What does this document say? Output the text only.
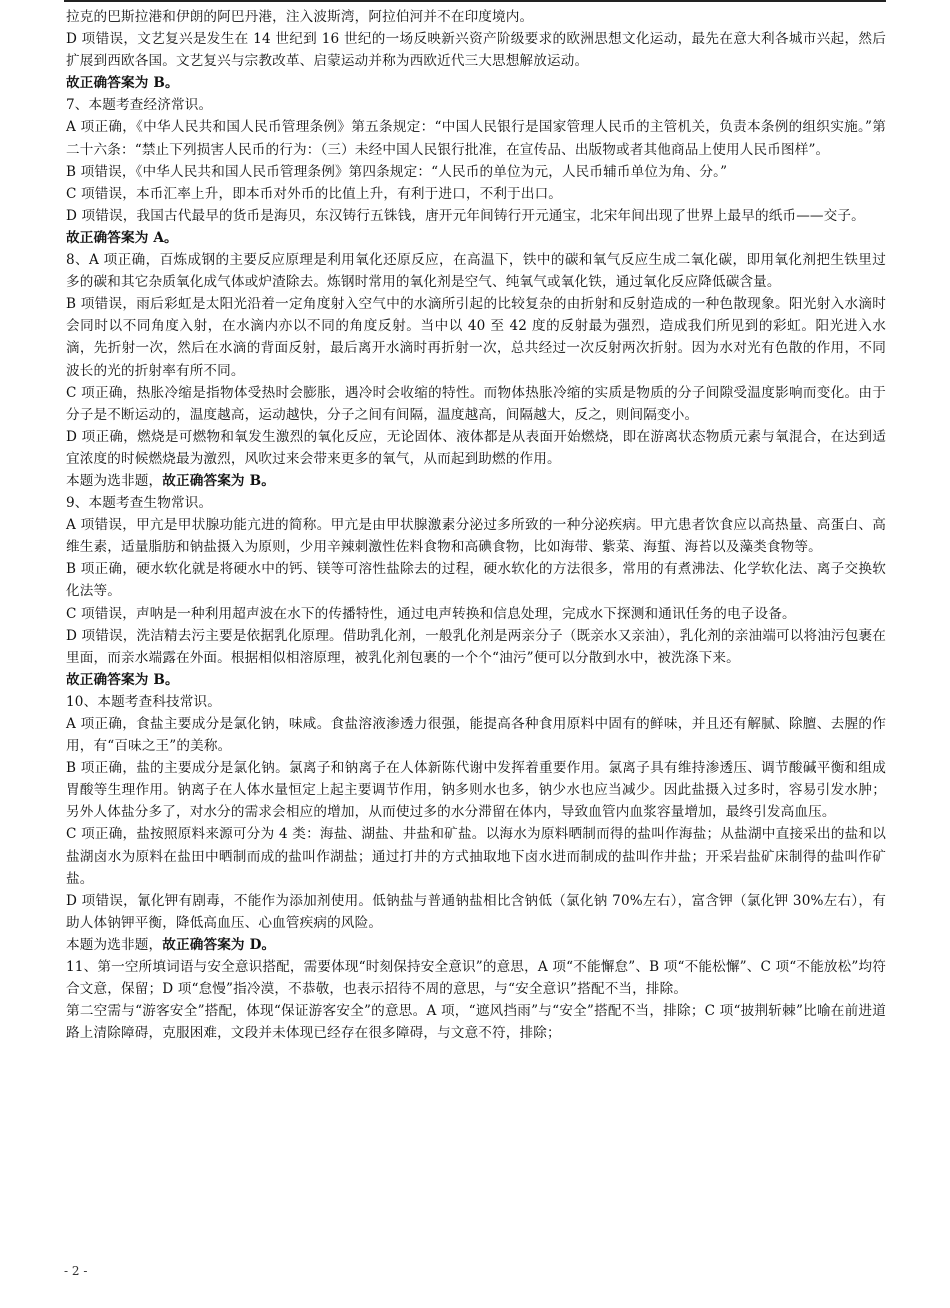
拉克的巴斯拉港和伊朗的阿巴丹港，注入波斯湾，阿拉伯河并不在印度境内。
D 项错误，文艺复兴是发生在 14 世纪到 16 世纪的一场反映新兴资产阶级要求的欧洲思想文化运动，最先在意大利各城市兴起，然后扩展到西欧各国。文艺复兴与宗教改革、启蒙运动并称为西欧近代三大思想解放运动。
故正确答案为 B。
7、本题考查经济常识。
A 项正确，《中华人民共和国人民币管理条例》第五条规定：“中国人民银行是国家管理人民币的主管机关，负责本条例的组织实施。”第二十六条：“禁止下列损害人民币的行为：（三）未经中国人民银行批准，在宣传品、出版物或者其他商品上使用人民币图样”。
B 项错误，《中华人民共和国人民币管理条例》第四条规定：“人民币的单位为元，人民币辅币单位为角、分。”
C 项错误，本币汇率上升，即本币对外币的比值上升，有利于进口，不利于出口。
D 项错误，我国古代最早的货币是海贝，东汉铸行五铢钱，唐开元年间铸行开元通宝，北宋年间出现了世界上最早的纸币——交子。
故正确答案为 A。
8、A 项正确，百炼成钢的主要反应原理是利用氧化还原反应，在高温下，铁中的碳和氧气反应生成二氧化碳，即用氧化剂把生铁里过多的碳和其它杂质氧化成气体或炉渣除去。炼钢时常用的氧化剂是空气、纯氧气或氧化铁，通过氧化反应降低碳含量。
B 项错误，雨后彩虹是太阳光沿着一定角度射入空气中的水滴所引起的比较复杂的由折射和反射造成的一种色散现象。阳光射入水滴时会同时以不同角度入射，在水滴内亦以不同的角度反射。当中以 40 至 42 度的反射最为强烈，造成我们所见到的彩虹。阳光进入水滴，先折射一次，然后在水滴的背面反射，最后离开水滴时再折射一次，总共经过一次反射两次折射。因为水对光有色散的作用，不同波长的光的折射率有所不同。
C 项正确，热胀冷缩是指物体受热时会膨胀，遇冷时会收缩的特性。而物体热胀冷缩的实质是物质的分子间隙受温度影响而变化。由于分子是不断运动的，温度越高，运动越快，分子之间有间隔，温度越高，间隔越大，反之，则间隔变小。
D 项正确，燃烧是可燃物和氧发生激烈的氧化反应，无论固体、液体都是从表面开始燃烧，即在游离状态物质元素与氧混合，在达到适宜浓度的时候燃烧最为激烈，风吹过来会带来更多的氧气，从而起到助燃的作用。
本题为选非题，故正确答案为 B。
9、本题考查生物常识。
A 项错误，甲亢是甲状腺功能亢进的简称。甲亢是由甲状腺激素分泌过多所致的一种分泌疾病。甲亢患者饮食应以高热量、高蛋白、高维生素，适量脂肪和钠盐摄入为原则，少用辛辣刺激性佐料食物和高碘食物，比如海带、紫菜、海蜇、海苔以及藻类食物等。
B 项正确，硬水软化就是将硬水中的钙、镁等可溶性盐除去的过程，硬水软化的方法很多，常用的有煮沸法、化学软化法、离子交换软化法等。
C 项错误，声呐是一种利用超声波在水下的传播特性，通过电声转换和信息处理，完成水下探测和通讯任务的电子设备。
D 项错误，洗洁精去污主要是依据乳化原理。借助乳化剂，一般乳化剂是两亲分子（既亲水又亲油），乳化剂的亲油端可以将油污包裹在里面，而亲水端露在外面。根据相似相溶原理，被乳化剂包裹的一个个“油污”便可以分散到水中，被洗涤下来。
故正确答案为 B。
10、本题考查科技常识。
A 项正确，食盐主要成分是氯化钠，味咸。食盐溶液渗透力很强，能提高各种食用原料中固有的鲜味，并且还有解腻、除膻、去腥的作用，有“百味之王”的美称。
B 项正确，盐的主要成分是氯化钠。氯离子和钠离子在人体新陈代谢中发挥着重要作用。氯离子具有维持渗透压、调节酸碱平衡和组成胃酸等生理作用。钠离子在人体水量恒定上起主要调节作用，钠多则水也多，钠少水也应当减少。因此盐摄入过多时，容易引发水肿；另外人体盐分多了，对水分的需求会相应的增加，从而使过多的水分滞留在体内，导致血管内血浆容量增加，最终引发高血压。
C 项正确，盐按照原料来源可分为 4 类：海盐、湖盐、井盐和矿盐。以海水为原料晒制而得的盐叫作海盐；从盐湖中直接采出的盐和以盐湖卤水为原料在盐田中晒制而成的盐叫作湖盐；通过打井的方式抽取地下卤水进而制成的盐叫作井盐；开采岩盐矿床制得的盐叫作矿盐。
D 项错误，氰化钾有剧毒，不能作为添加剂使用。低钠盐与普通钠盐相比含钠低（氯化钠 70%左右），富含钾（氯化钾 30%左右），有助人体钠钾平衡，降低高血压、心血管疾病的风险。
本题为选非题，故正确答案为 D。
11、第一空所填词语与安全意识搭配，需要体现“时刻保持安全意识”的意思，A 项“不能懈怠”、B 项“不能松懈”、C 项“不能放松”均符合文意，保留；D 项“怠慢”指冷漠，不恭敬，也表示招待不周的意思，与“安全意识”搭配不当，排除。
第二空需与“游客安全”搭配，体现“保证游客安全”的意思。A 项，“遮风挡雨”与“安全”搭配不当，排除；C 项“披荆斩棘”比喻在前进道路上清除障碍，克服困难，文段并未体现已经存在很多障碍，与文意不符，排除；
- 2 -
